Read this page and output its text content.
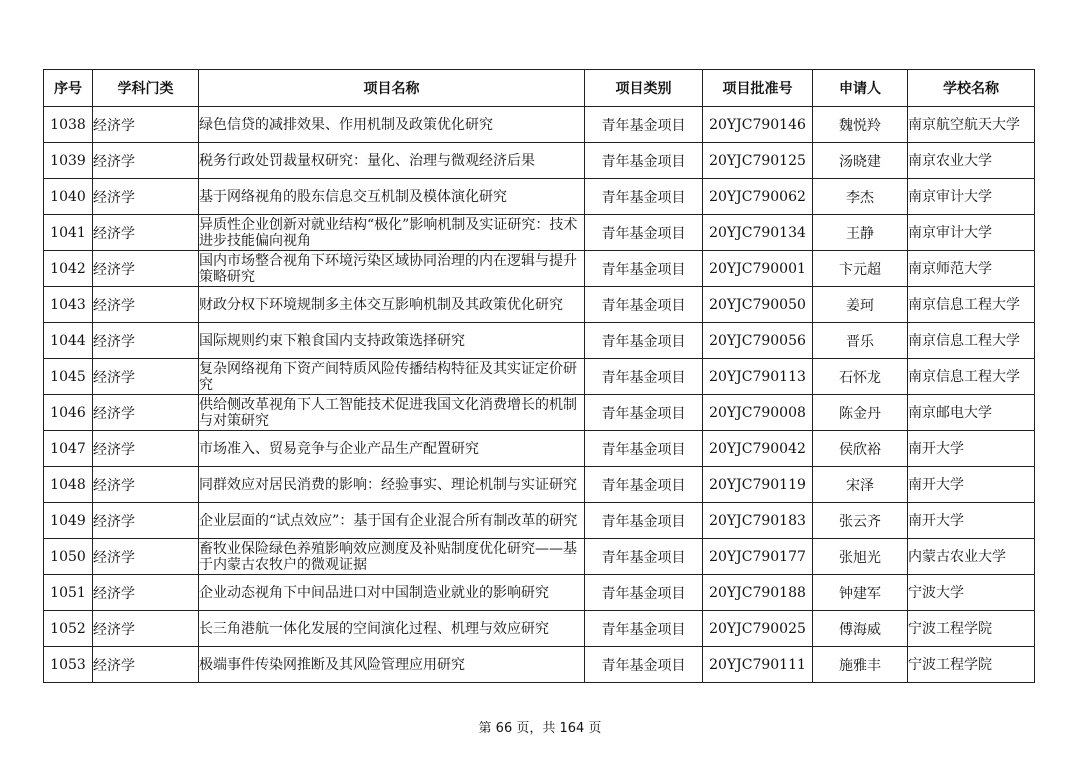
序号	学科门类	项目名称	项目类别	项目批准号	申请人	学校名称
1038	经济学	绿色信贷的减排效果、作用机制及政策优化研究	青年基金项目	20YJC790146	魏悦羚	南京航空航天大学

1039	经济学	税务行政处罚裁量权研究：量化、治理与微观经济后果	青年基金项目	20YJC790125	汤晓建	南京农业大学

1040	经济学	基于网络视角的股东信息交互机制及模体演化研究	青年基金项目	20YJC790062	李杰	南京审计大学

1041	经济学	异质性企业创新对就业结构“极化”影响机制及实证研究：技术进步技能偏向视角	青年基金项目	20YJC790134	王静	南京审计大学

1042	经济学	国内市场整合视角下环境污染区域协同治理的内在逻辑与提升策略研究	青年基金项目	20YJC790001	卞元超	南京师范大学

1043	经济学	财政分权下环境规制多主体交互影响机制及其政策优化研究	青年基金项目	20YJC790050	姜珂	南京信息工程大学

1044	经济学	国际规则约束下粮食国内支持政策选择研究	青年基金项目	20YJC790056	晋乐	南京信息工程大学

1045	经济学	复杂网络视角下资产间特质风险传播结构特征及其实证定价研究	青年基金项目	20YJC790113	石怀龙	南京信息工程大学

1046	经济学	供给侧改革视角下人工智能技术促进我国文化消费增长的机制与对策研究	青年基金项目	20YJC790008	陈金丹	南京邮电大学

1047	经济学	市场准入、贸易竞争与企业产品生产配置研究	青年基金项目	20YJC790042	侯欣裕	南开大学

1048	经济学	同群效应对居民消费的影响：经验事实、理论机制与实证研究	青年基金项目	20YJC790119	宋泽	南开大学

1049	经济学	企业层面的“试点效应”：基于国有企业混合所有制改革的研究	青年基金项目	20YJC790183	张云齐	南开大学

1050	经济学	畜牧业保险绿色养殖影响效应测度及补贴制度优化研究——基于内蒙古农牧户的微观证据	青年基金项目	20YJC790177	张旭光	内蒙古农业大学

1051	经济学	企业动态视角下中间品进口对中国制造业就业的影响研究	青年基金项目	20YJC790188	钟建军	宁波大学

1052	经济学	长三角港航一体化发展的空间演化过程、机理与效应研究	青年基金项目	20YJC790025	傅海威	宁波工程学院

1053	经济学	极端事件传染网推断及其风险管理应用研究	青年基金项目	20YJC790111	施雅丰	宁波工程学院
第 66 页，共 164 页
